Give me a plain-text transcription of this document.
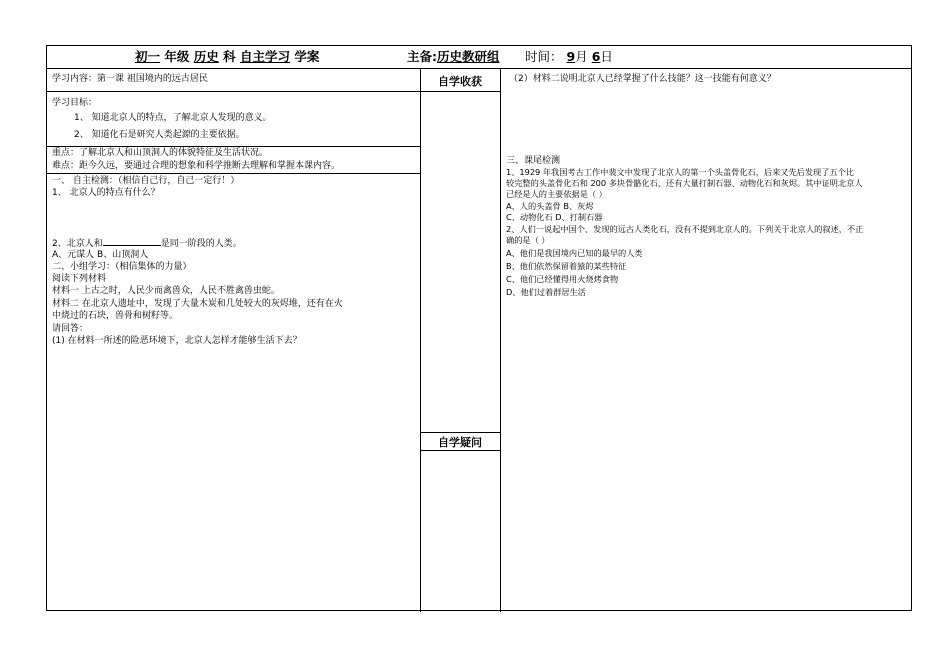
初一 年级 历史 科 自主学习 学案	主备:历史教研组 时间： 9月 6日
学习内容：第一课 祖国境内的远古居民
学习目标：
1、 知道北京人的特点，了解北京人发现的意义。
2、 知道化石是研究人类起源的主要依据。
重点：了解北京人和山顶洞人的体貌特征及生活状况。
难点：距今久远，要通过合理的想象和科学推断去理解和掌握本课内容。
一、 自主检测：（相信自己行，自己一定行！）
1、 北京人的特点有什么？
2、北京人和	是同一阶段的人类。
A、元谋人 B、山顶洞人
二、小组学习：（相信集体的力量）
阅读下列材料
材料一 上古之时，人民少而禽兽众，人民不胜禽兽虫蛇。
材料二 在北京人遗址中，发现了大量木炭和几处较大的灰烬堆，还有在火
中烧过的石块，兽骨和树籽等。
请回答：
(1) 在材料一所述的险恶环境下，北京人怎样才能够生活下去？
自学收获
自学疑问
（2）材料二说明北京人已经掌握了什么技能？这一技能有何意义？
三、课尾检测
1、1929 年我国考古工作中裴文中发现了北京人的第一个头盖骨化石，后来又先后发现了五个比
较完整的头盖骨化石和 200 多块骨骼化石，还有大量打制石器、动物化石和灰烬。其中证明北京人
已经是人的主要依据是（ ）
A、人的头盖骨 B、灰烬
C、动物化石 D、打制石器
2、人们一说起中国个、发现的远古人类化石，没有不提到北京人的。下列关于北京人的叙述，不正
确的是（ ）
A、他们是我国境内已知的最早的人类
B、他们依然保留着猿的某些特征
C、他们已经懂得用火烧烤食物
D、他们过着群居生活
